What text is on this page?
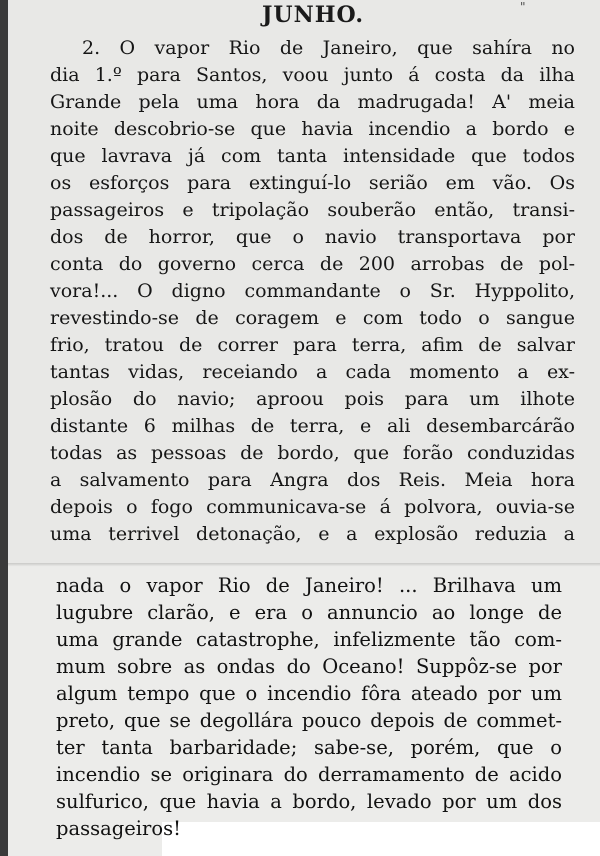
JUNHO.	"
2. O vapor Rio de Janeiro, que sahíra no
dia 1.º para Santos, voou junto á costa da ilha
Grande pela uma hora da madrugada! A' meia
noite descobrio-se que havia incendio a bordo e
que lavrava já com tanta intensidade que todos
os esforços para extinguí-lo serião em vão. Os
passageiros e tripolação souberão então, transi-
dos de horror, que o navio transportava por
conta do governo cerca de 200 arrobas de pol-
vora!... O digno commandante o Sr. Hyppolito,
revestindo-se de coragem e com todo o sangue
frio, tratou de correr para terra, afim de salvar
tantas vidas, receiando a cada momento a ex-
plosão do navio; aproou pois para um ilhote
distante 6 milhas de terra, e ali desembarcárão
todas as pessoas de bordo, que forão conduzidas
a salvamento para Angra dos Reis. Meia hora
depois o fogo communicava-se á polvora, ouvia-se
uma terrivel detonação, e a explosão reduzia a
nada o vapor Rio de Janeiro! ... Brilhava um
lugubre clarão, e era o annuncio ao longe de
uma grande catastrophe, infelizmente tão com-
mum sobre as ondas do Oceano! Suppôz-se por
algum tempo que o incendio fôra ateado por um
preto, que se degollára pouco depois de commet-
ter tanta barbaridade; sabe-se, porém, que o
incendio se originara do derramamento de acido
sulfurico, que havia a bordo, levado por um dos
passageiros!
